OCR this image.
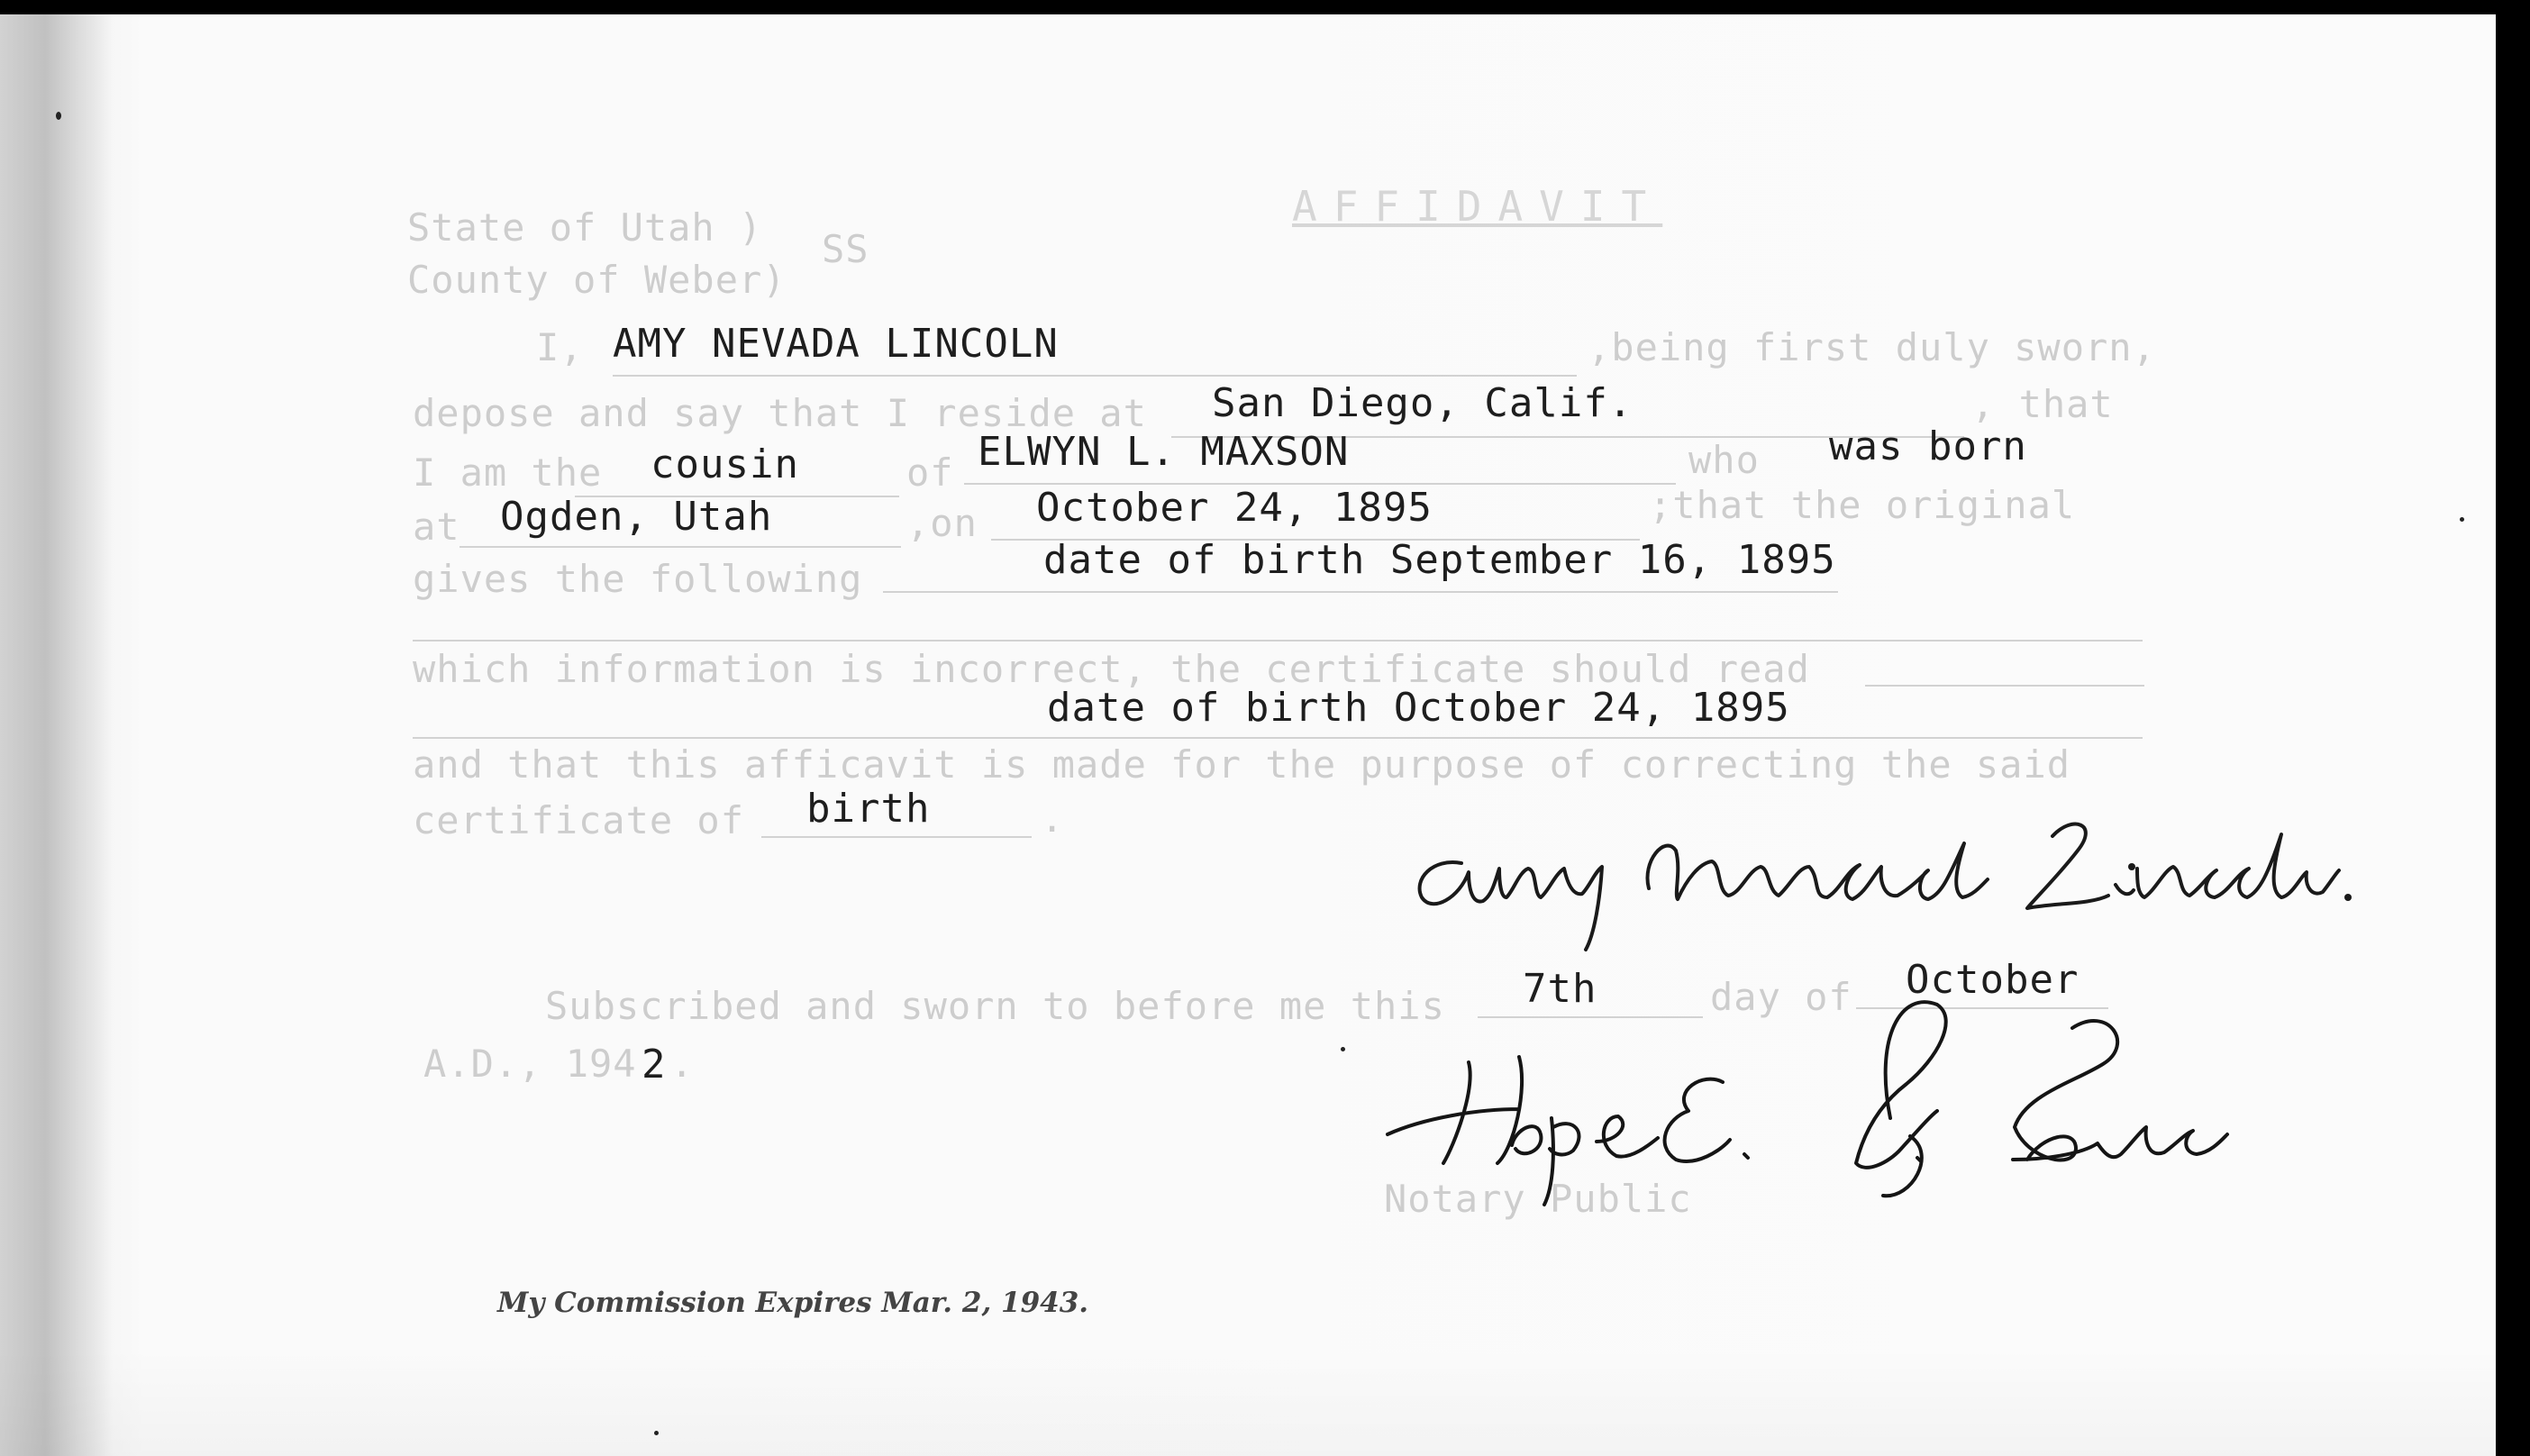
State of Utah )
County of Weber)
SS
AFFIDAVIT
I, AMY NEVADA LINCOLN	,being first duly sworn,
depose and say that I reside at San Diego, Calif.	, that
I am the cousin	of ELWYN L. MAXSON	who was born
at Ogden, Utah	,on October 24, 1895	;that the original
gives the following	date of birth September 16, 1895
which information is incorrect, the certificate should read
date of birth October 24, 1895
and that this afficavit is made for the purpose of correcting the said
certificate of birth	.
Subscribed and sworn to before me this 7th	day of October
A.D., 194 2 .
Notary Public
My Commission Expires Mar. 2, 1943.
